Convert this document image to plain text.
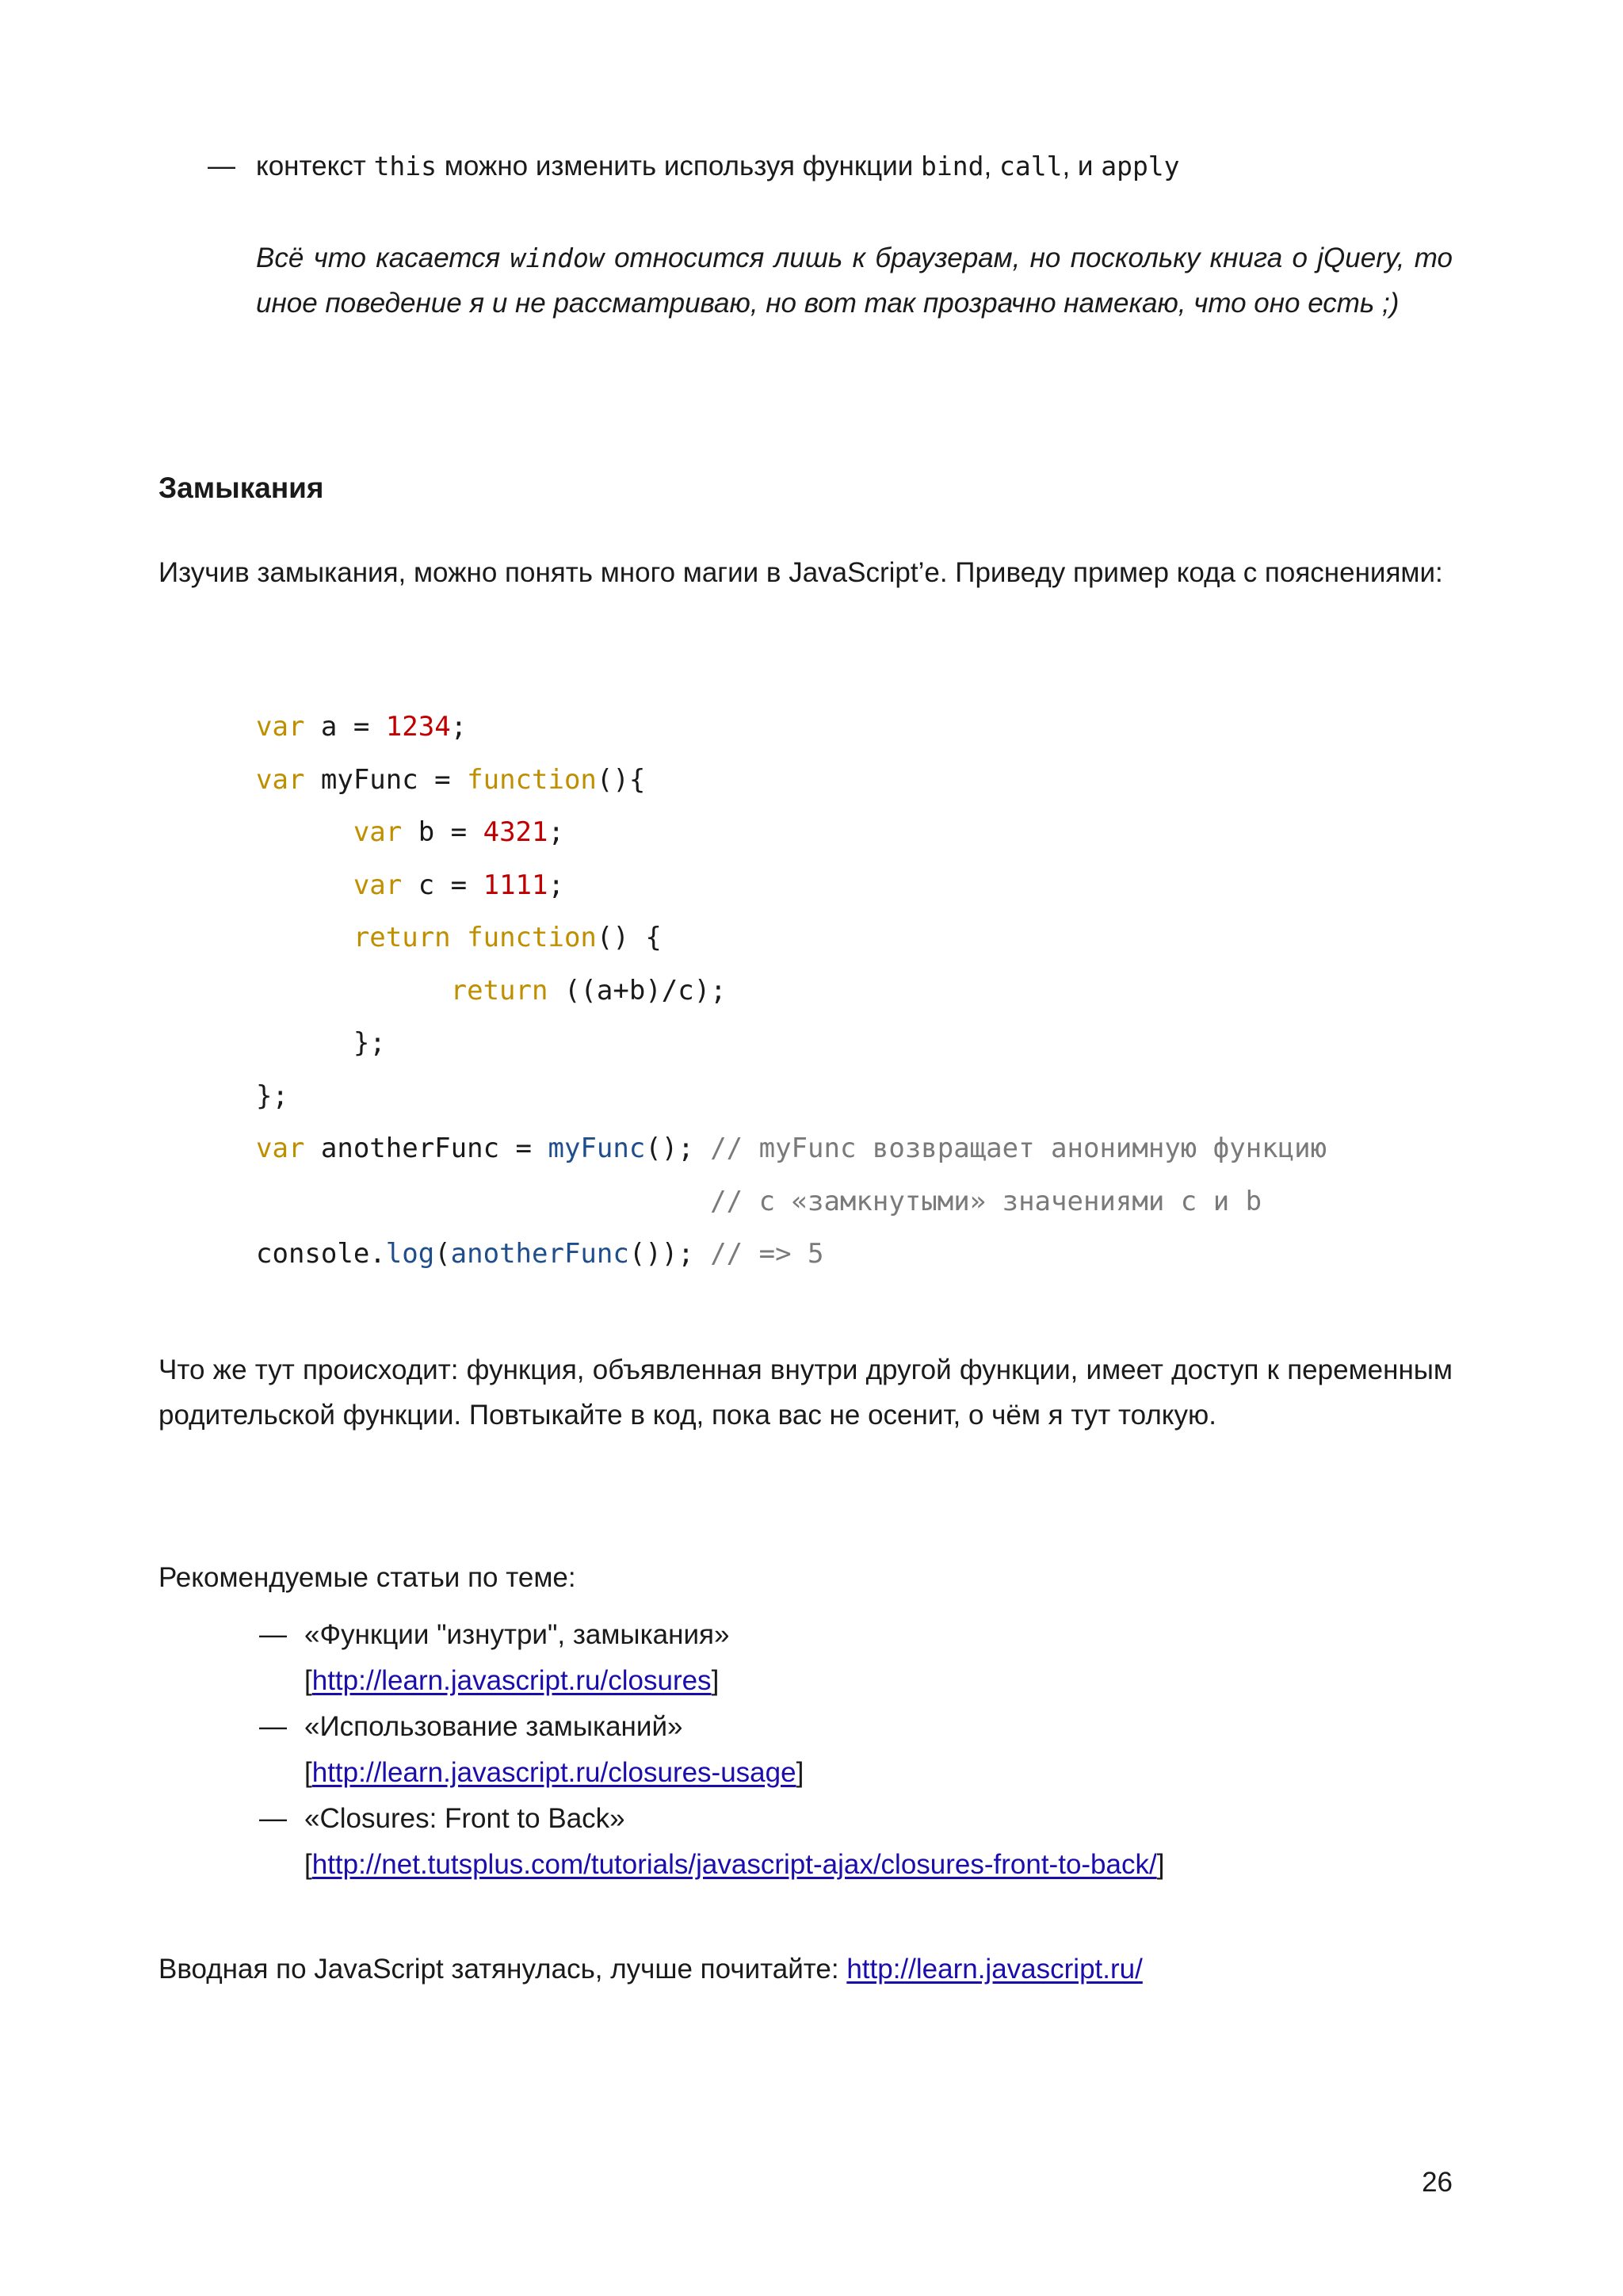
— контекст this можно изменить используя функции bind, call, и apply
Всё что касается window относится лишь к браузерам, но поскольку книга о jQuery, то иное поведение я и не рассматриваю, но вот так прозрачно намекаю, что оно есть ;)
Замыкания
Изучив замыкания, можно понять много магии в JavaScript’e. Приведу пример кода с пояснениями:
var a = 1234;
var myFunc = function(){
var b = 4321;
var c = 1111;
return function() {
return ((a+b)/c);
};
};
var anotherFunc = myFunc(); // myFunc возвращает анонимную функцию
// с «замкнутыми» значениями c и b
console.log(anotherFunc()); // => 5
Что же тут происходит: функция, объявленная внутри другой функции, имеет доступ к переменным родительской функции. Повтыкайте в код, пока вас не осенит, о чём я тут толкую.
Рекомендуемые статьи по теме:
— «Функции "изнутри", замыкания»
[http://learn.javascript.ru/closures]
— «Использование замыканий»
[http://learn.javascript.ru/closures-usage]
— «Closures: Front to Back»
[http://net.tutsplus.com/tutorials/javascript-ajax/closures-front-to-back/]
Вводная по JavaScript затянулась, лучше почитайте: http://learn.javascript.ru/
26
